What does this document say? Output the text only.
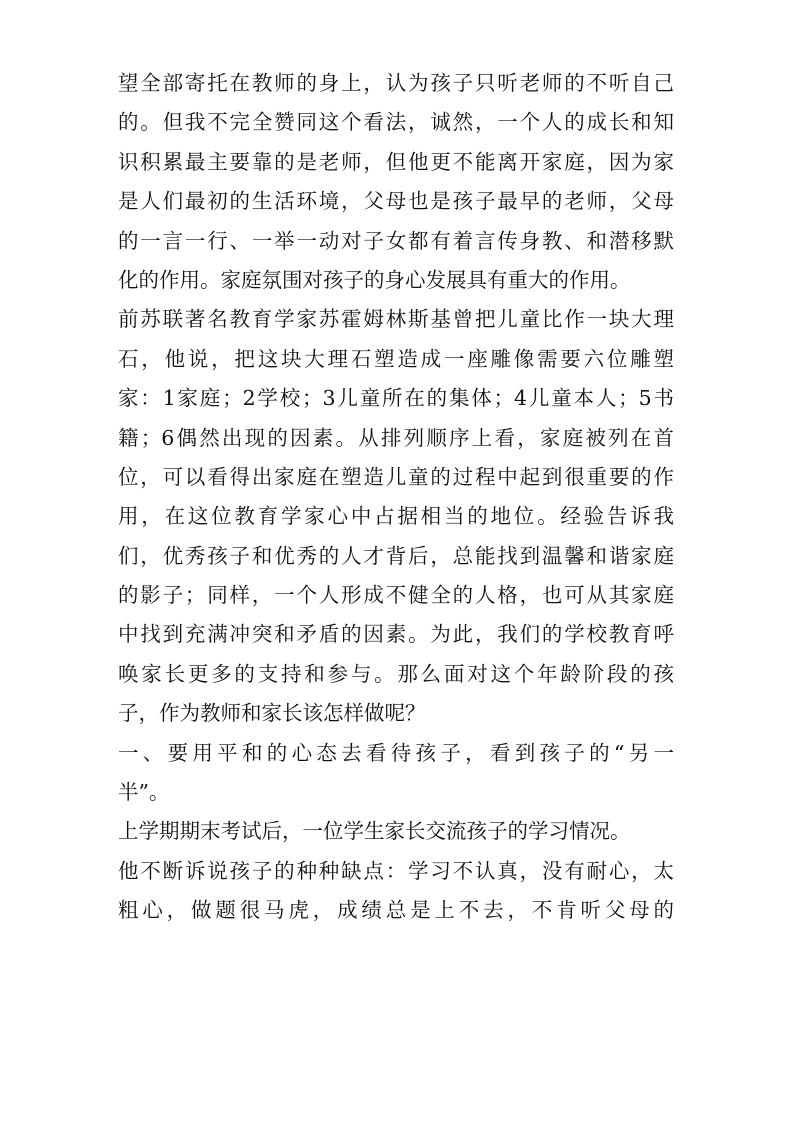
望全部寄托在教师的身上，认为孩子只听老师的不听自己
的。但我不完全赞同这个看法，诚然，一个人的成长和知
识积累最主要靠的是老师，但他更不能离开家庭，因为家
是人们最初的生活环境，父母也是孩子最早的老师，父母
的一言一行、一举一动对子女都有着言传身教、和潜移默
化的作用。家庭氛围对孩子的身心发展具有重大的作用。
前苏联著名教育学家苏霍姆林斯基曾把儿童比作一块大理
石，他说，把这块大理石塑造成一座雕像需要六位雕塑
家：1家庭；2学校；3儿童所在的集体；4儿童本人；5书
籍；6偶然出现的因素。从排列顺序上看，家庭被列在首
位，可以看得出家庭在塑造儿童的过程中起到很重要的作
用，在这位教育学家心中占据相当的地位。经验告诉我
们，优秀孩子和优秀的人才背后，总能找到温馨和谐家庭
的影子；同样，一个人形成不健全的人格，也可从其家庭
中找到充满冲突和矛盾的因素。为此，我们的学校教育呼
唤家长更多的支持和参与。那么面对这个年龄阶段的孩
子，作为教师和家长该怎样做呢？
一、要用平和的心态去看待孩子，看到孩子的“另一
半”。
上学期期末考试后，一位学生家长交流孩子的学习情况。
他不断诉说孩子的种种缺点：学习不认真，没有耐心，太
粗心，做题很马虎，成绩总是上不去，不肯听父母的
